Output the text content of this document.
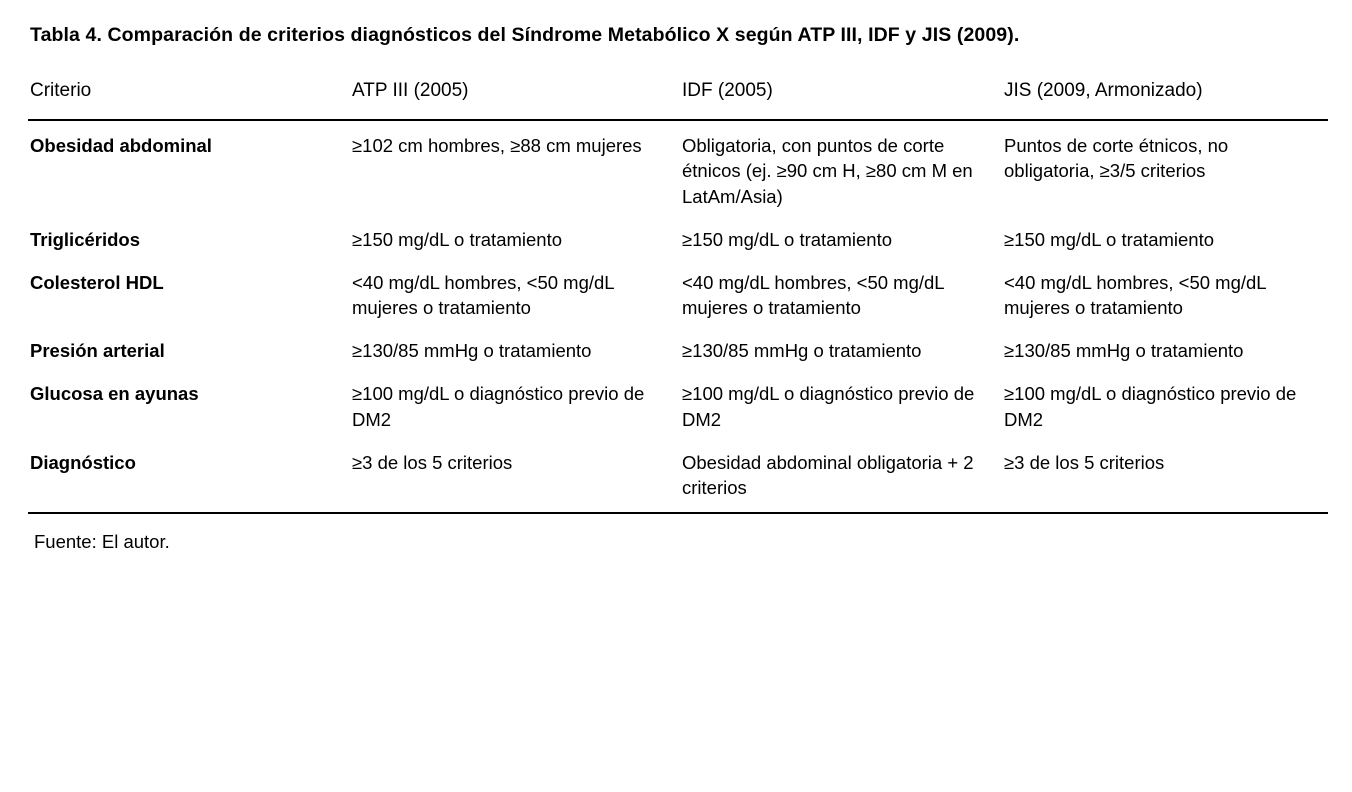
Tabla 4. Comparación de criterios diagnósticos del Síndrome Metabólico X según ATP III, IDF y JIS (2009).
Criterio	ATP III (2005)	IDF (2005)	JIS (2009, Armonizado)
Obesidad abdominal	≥102 cm hombres, ≥88 cm mujeres	Obligatoria, con puntos de corte étnicos (ej. ≥90 cm H, ≥80 cm M en LatAm/Asia)	Puntos de corte étnicos, no obligatoria, ≥3/5 criterios
Triglicéridos	≥150 mg/dL o tratamiento	≥150 mg/dL o tratamiento	≥150 mg/dL o tratamiento
Colesterol HDL	<40 mg/dL hombres, <50 mg/dL mujeres o tratamiento	<40 mg/dL hombres, <50 mg/dL mujeres o tratamiento	<40 mg/dL hombres, <50 mg/dL mujeres o tratamiento
Presión arterial	≥130/85 mmHg o tratamiento	≥130/85 mmHg o tratamiento	≥130/85 mmHg o tratamiento
Glucosa en ayunas	≥100 mg/dL o diagnóstico previo de DM2	≥100 mg/dL o diagnóstico previo de DM2	≥100 mg/dL o diagnóstico previo de DM2
Diagnóstico	≥3 de los 5 criterios	Obesidad abdominal obligatoria + 2 criterios	≥3 de los 5 criterios
Fuente: El autor.
